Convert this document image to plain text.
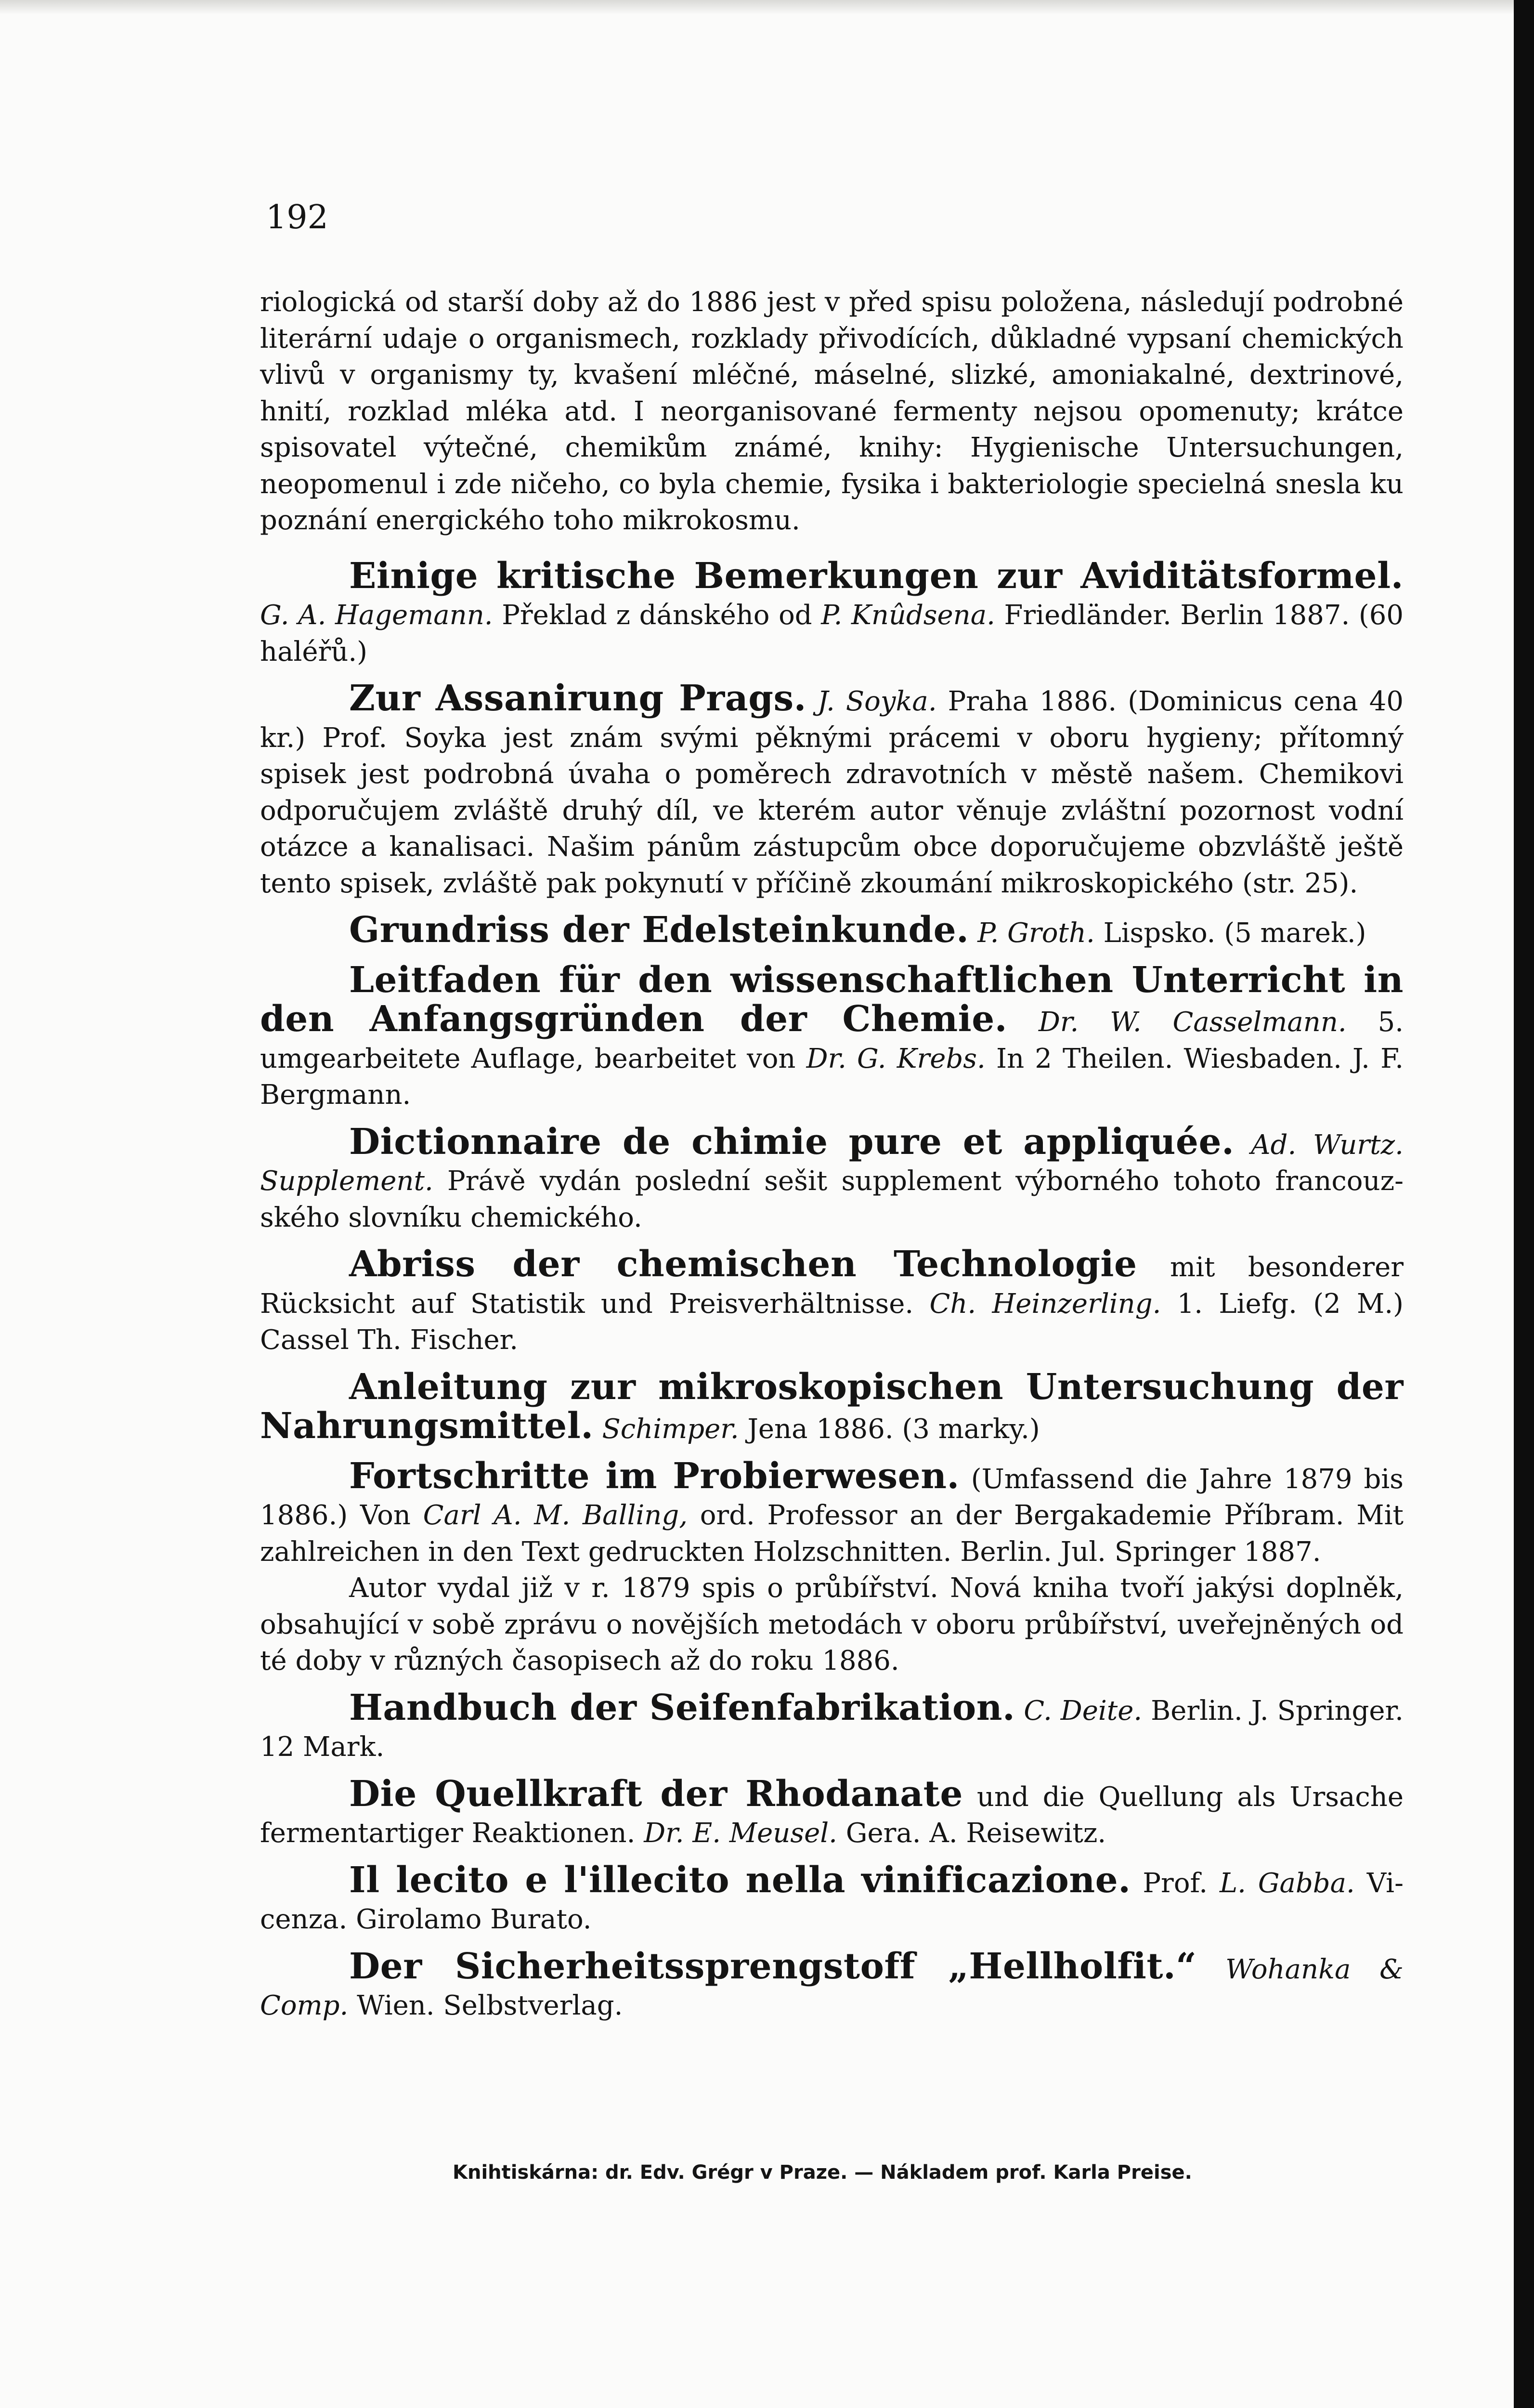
192

riologická od starší doby až do 1886 jest v před spisu položena, následují podrobné literární udaje o organismech, rozklady přivodících, důkladné vypsaní chemických vlivů v organismy ty, kvašení mléčné, máselné, slizké, amoniakalné, dextrinové, hnití, rozklad mléka atd. I neorganisované fermenty nejsou opomenuty; krátce spisovatel výtečné, chemikům známé, knihy: Hygienische Untersuchungen, neopomenul i zde ničeho, co byla chemie, fysika i bakteriologie specielná snesla ku poznání energického toho mikrokosmu.

Einige kritische Bemerkungen zur Aviditätsformel. G. A. Hagemann. Překlad z dánského od P. Knûdsena. Friedländer. Berlin 1887. (60 haléřů.)

Zur Assanirung Prags. J. Soyka. Praha 1886. (Dominicus cena 40 kr.) Prof. Soyka jest znám svými pěknými prácemi v oboru hygieny; přítomný spisek jest podrobná úvaha o poměrech zdravotních v městě našem. Chemikovi odporučujem zvláště druhý díl, ve kterém autor věnuje zvláštní pozornost vodní otázce a kanalisaci. Našim pánům zástupcům obce doporučujeme obzvláště ještě tento spisek, zvláště pak pokynutí v příčině zkoumání mikroskopického (str. 25).

Grundriss der Edelsteinkunde. P. Groth. Lispsko. (5 marek.)

Leitfaden für den wissenschaftlichen Unterricht in den Anfangsgründen der Chemie. Dr. W. Casselmann. 5. umgearbeitete Auflage, bearbeitet von Dr. G. Krebs. In 2 Theilen. Wiesbaden. J. F. Bergmann.

Dictionnaire de chimie pure et appliquée. Ad. Wurtz. Supplement. Právě vydán poslední sešit supplement výborného tohoto francouzského slovníku chemického.

Abriss der chemischen Technologie mit besonderer Rücksicht auf Statistik und Preisverhältnisse. Ch. Heinzerling. 1. Liefg. (2 M.) Cassel Th. Fischer.

Anleitung zur mikroskopischen Untersuchung der Nahrungsmittel. Schimper. Jena 1886. (3 marky.)

Fortschritte im Probierwesen. (Umfassend die Jahre 1879 bis 1886.) Von Carl A. M. Balling, ord. Professor an der Bergakademie Příbram. Mit zahlreichen in den Text gedruckten Holzschnitten. Berlin. Jul. Springer 1887.

Autor vydal již v r. 1879 spis o průbířství. Nová kniha tvoří jakýsi doplněk, obsahující v sobě zprávu o novějších metodách v oboru průbířství, uveřejněných od té doby v různých časopisech až do roku 1886.

Handbuch der Seifenfabrikation. C. Deite. Berlin. J. Springer. 12 Mark.

Die Quellkraft der Rhodanate und die Quellung als Ursache fermentartiger Reaktionen. Dr. E. Meusel. Gera. A. Reisewitz.

Il lecito e l'illecito nella vinificazione. Prof. L. Gabba. Vicenza. Girolamo Burato.

Der Sicherheitssprengstoff „Hellholfit.“ Wohanka & Comp. Wien. Selbstverlag.

Knihtiskárna: dr. Edv. Grégr v Praze. — Nákladem prof. Karla Preise.
